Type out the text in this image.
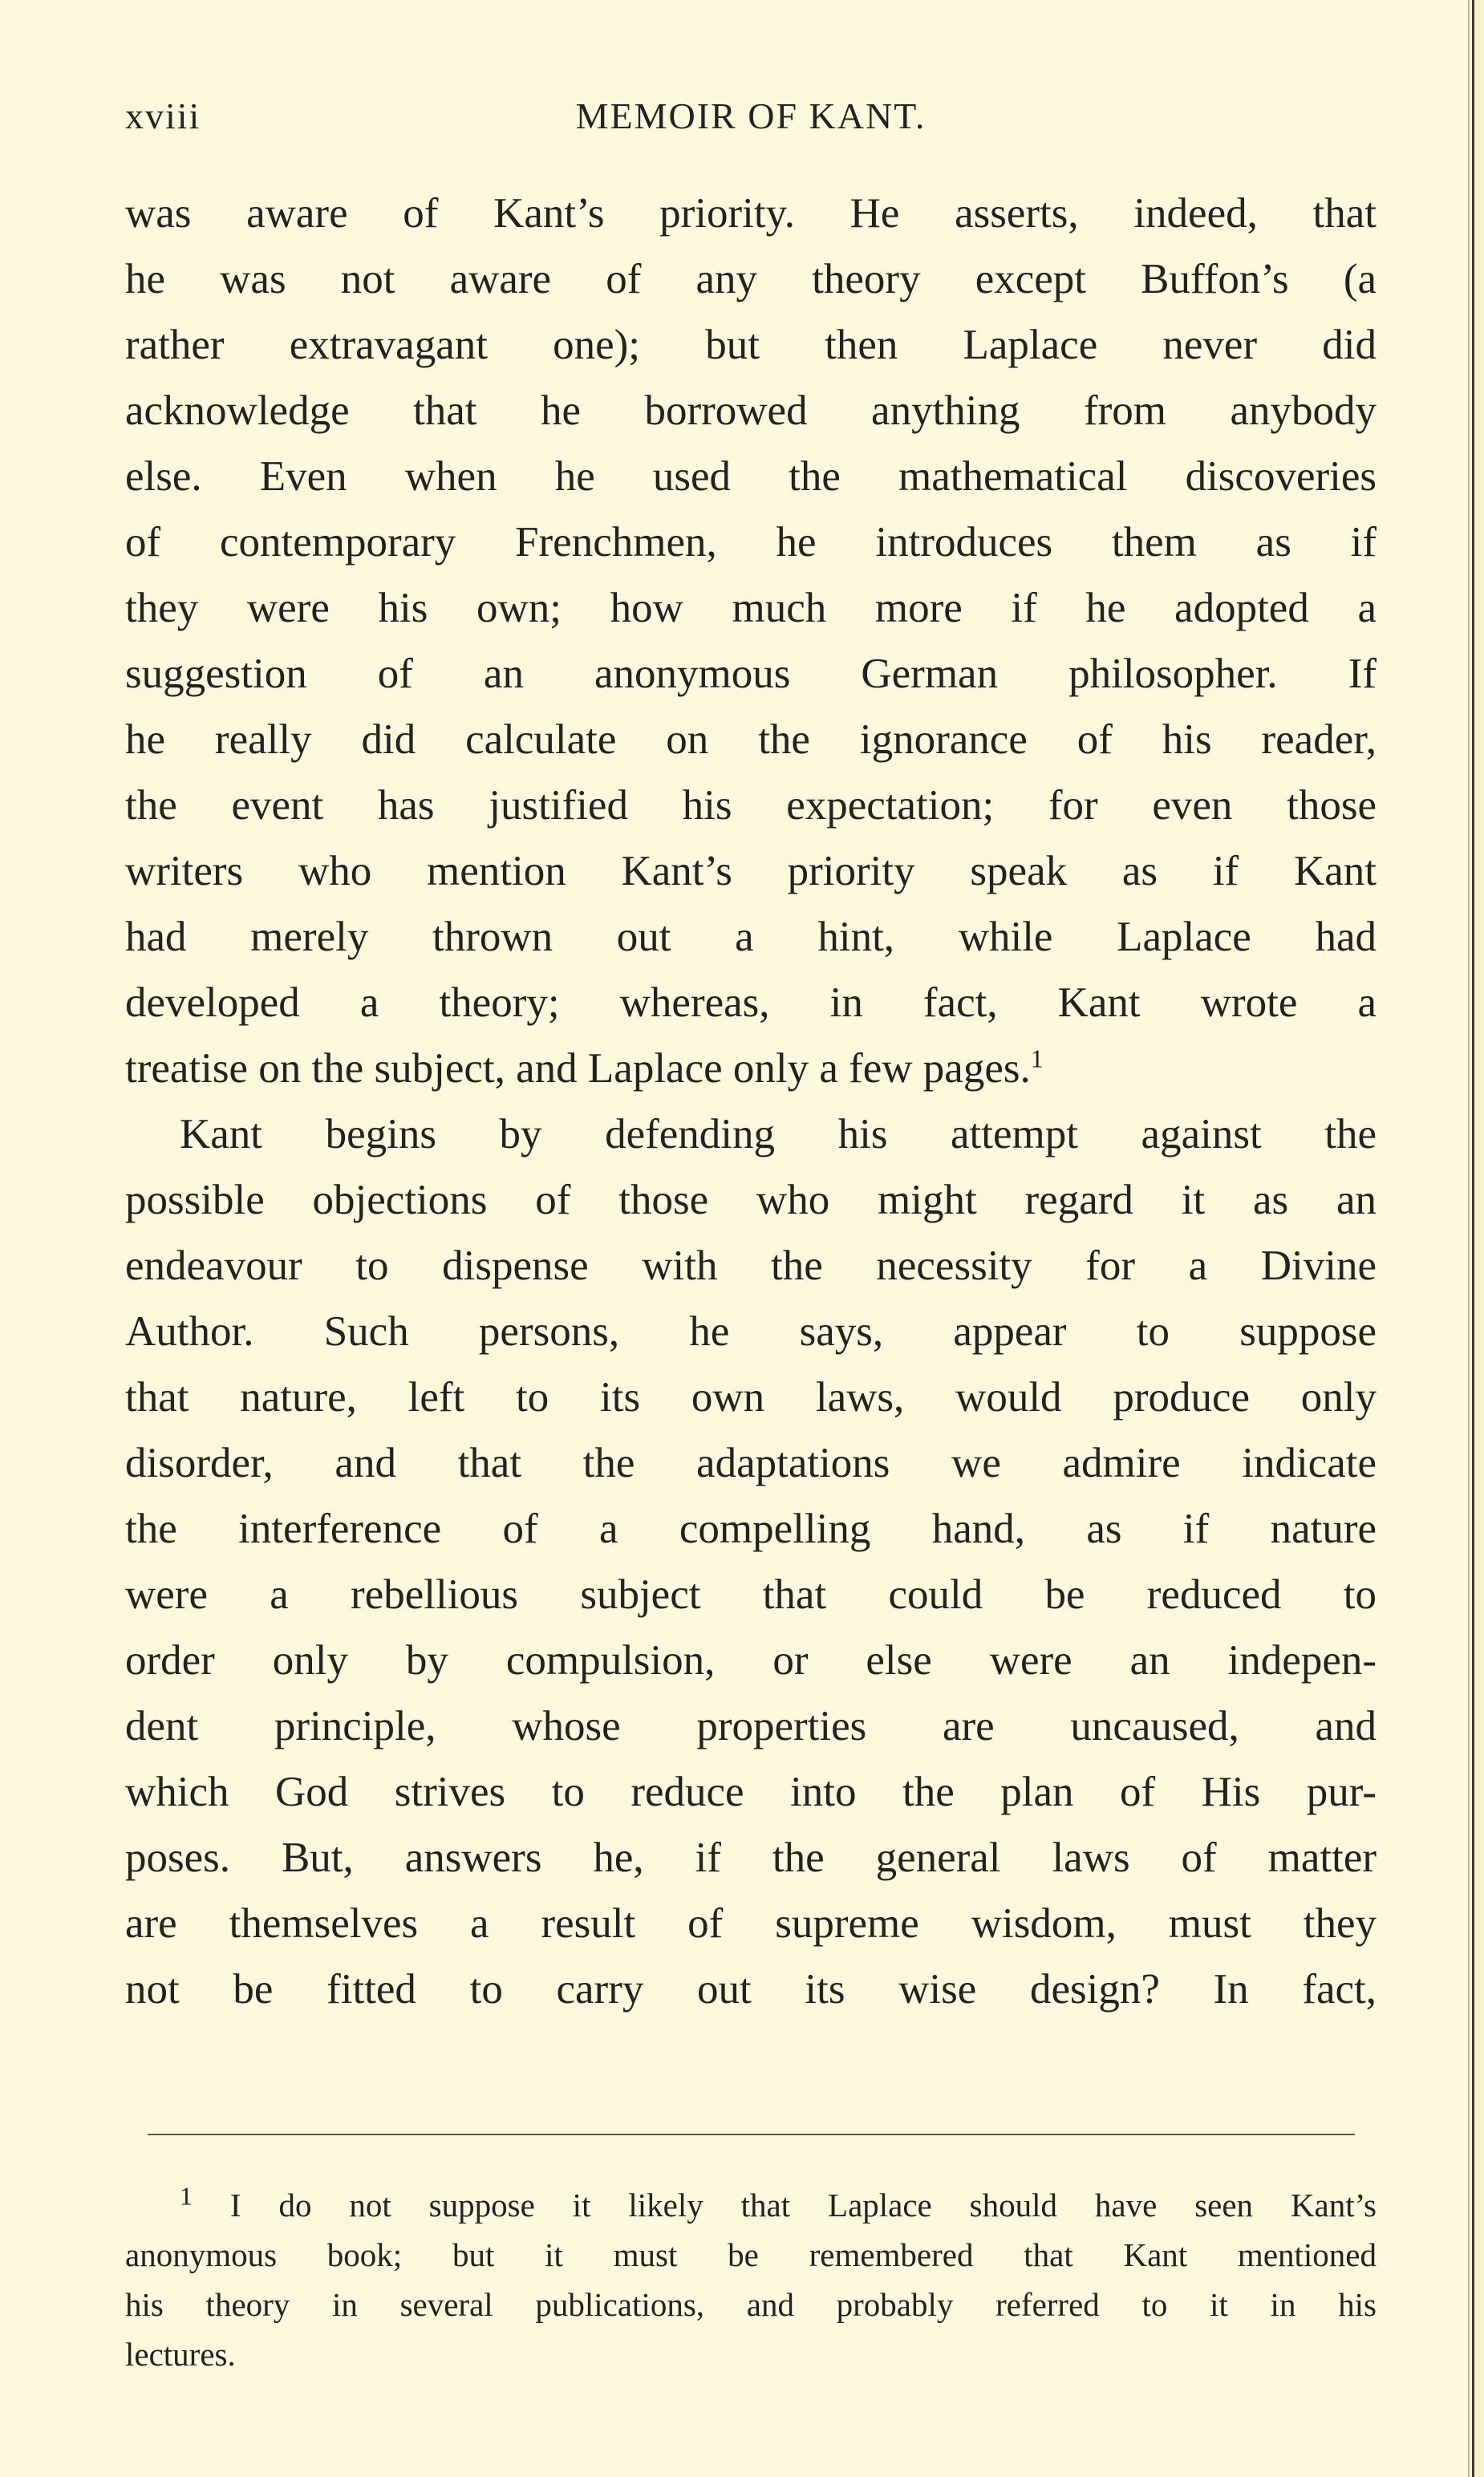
xviii	MEMOIR OF KANT.
was aware of Kant’s priority. He asserts, indeed, that
he was not aware of any theory except Buffon’s (a
rather extravagant one); but then Laplace never did
acknowledge that he borrowed anything from anybody
else. Even when he used the mathematical discoveries
of contemporary Frenchmen, he introduces them as if
they were his own; how much more if he adopted a
suggestion of an anonymous German philosopher. If
he really did calculate on the ignorance of his reader,
the event has justified his expectation; for even those
writers who mention Kant’s priority speak as if Kant
had merely thrown out a hint, while Laplace had
developed a theory; whereas, in fact, Kant wrote a
treatise on the subject, and Laplace only a few pages.$^1$
Kant begins by defending his attempt against the
possible objections of those who might regard it as an
endeavour to dispense with the necessity for a Divine
Author. Such persons, he says, appear to suppose
that nature, left to its own laws, would produce only
disorder, and that the adaptations we admire indicate
the interference of a compelling hand, as if nature
were a rebellious subject that could be reduced to
order only by compulsion, or else were an indepen-
dent principle, whose properties are uncaused, and
which God strives to reduce into the plan of His pur-
poses. But, answers he, if the general laws of matter
are themselves a result of supreme wisdom, must they
not be fitted to carry out its wise design? In fact,
$^1$ I do not suppose it likely that Laplace should have seen Kant’s
anonymous book; but it must be remembered that Kant mentioned
his theory in several publications, and probably referred to it in his
lectures.
